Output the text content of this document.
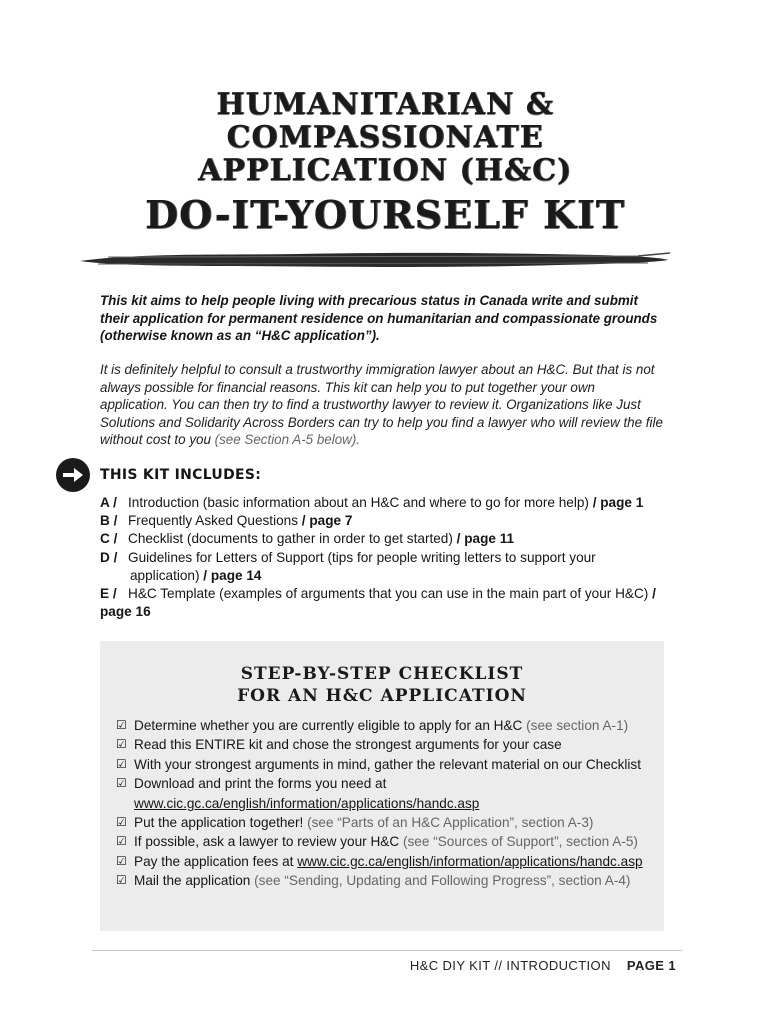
HUMANITARIAN &
COMPASSIONATE
APPLICATION (H&C)
DO-IT-YOURSELF KIT
This kit aims to help people living with precarious status in Canada write and submit their application for permanent residence on humanitarian and compassionate grounds (otherwise known as an “H&C application”).
It is definitely helpful to consult a trustworthy immigration lawyer about an H&C. But that is not always possible for financial reasons. This kit can help you to put together your own application. You can then try to find a trustworthy lawyer to review it. Organizations like Just Solutions and Solidarity Across Borders can try to help you find a lawyer who will review the file without cost to you (see Section A-5 below).
THIS KIT INCLUDES:
A / Introduction (basic information about an H&C and where to go for more help) / page 1
B / Frequently Asked Questions / page 7
C / Checklist (documents to gather in order to get started) / page 11
D / Guidelines for Letters of Support (tips for people writing letters to support your
application) / page 14
E / H&C Template (examples of arguments that you can use in the main part of your H&C) /
page 16
STEP-BY-STEP CHECKLIST
FOR AN H&C APPLICATION
☑ Determine whether you are currently eligible to apply for an H&C (see section A-1)
☑ Read this ENTIRE kit and chose the strongest arguments for your case
☑ With your strongest arguments in mind, gather the relevant material on our Checklist
☑ Download and print the forms you need at www.cic.gc.ca/english/information/applications/handc.asp
☑ Put the application together! (see “Parts of an H&C Application”, section A-3)
☑ If possible, ask a lawyer to review your H&C (see “Sources of Support”, section A-5)
☑ Pay the application fees at www.cic.gc.ca/english/information/applications/handc.asp
☑ Mail the application (see “Sending, Updating and Following Progress”, section A-4)
H&C DIY KIT // INTRODUCTION PAGE 1
